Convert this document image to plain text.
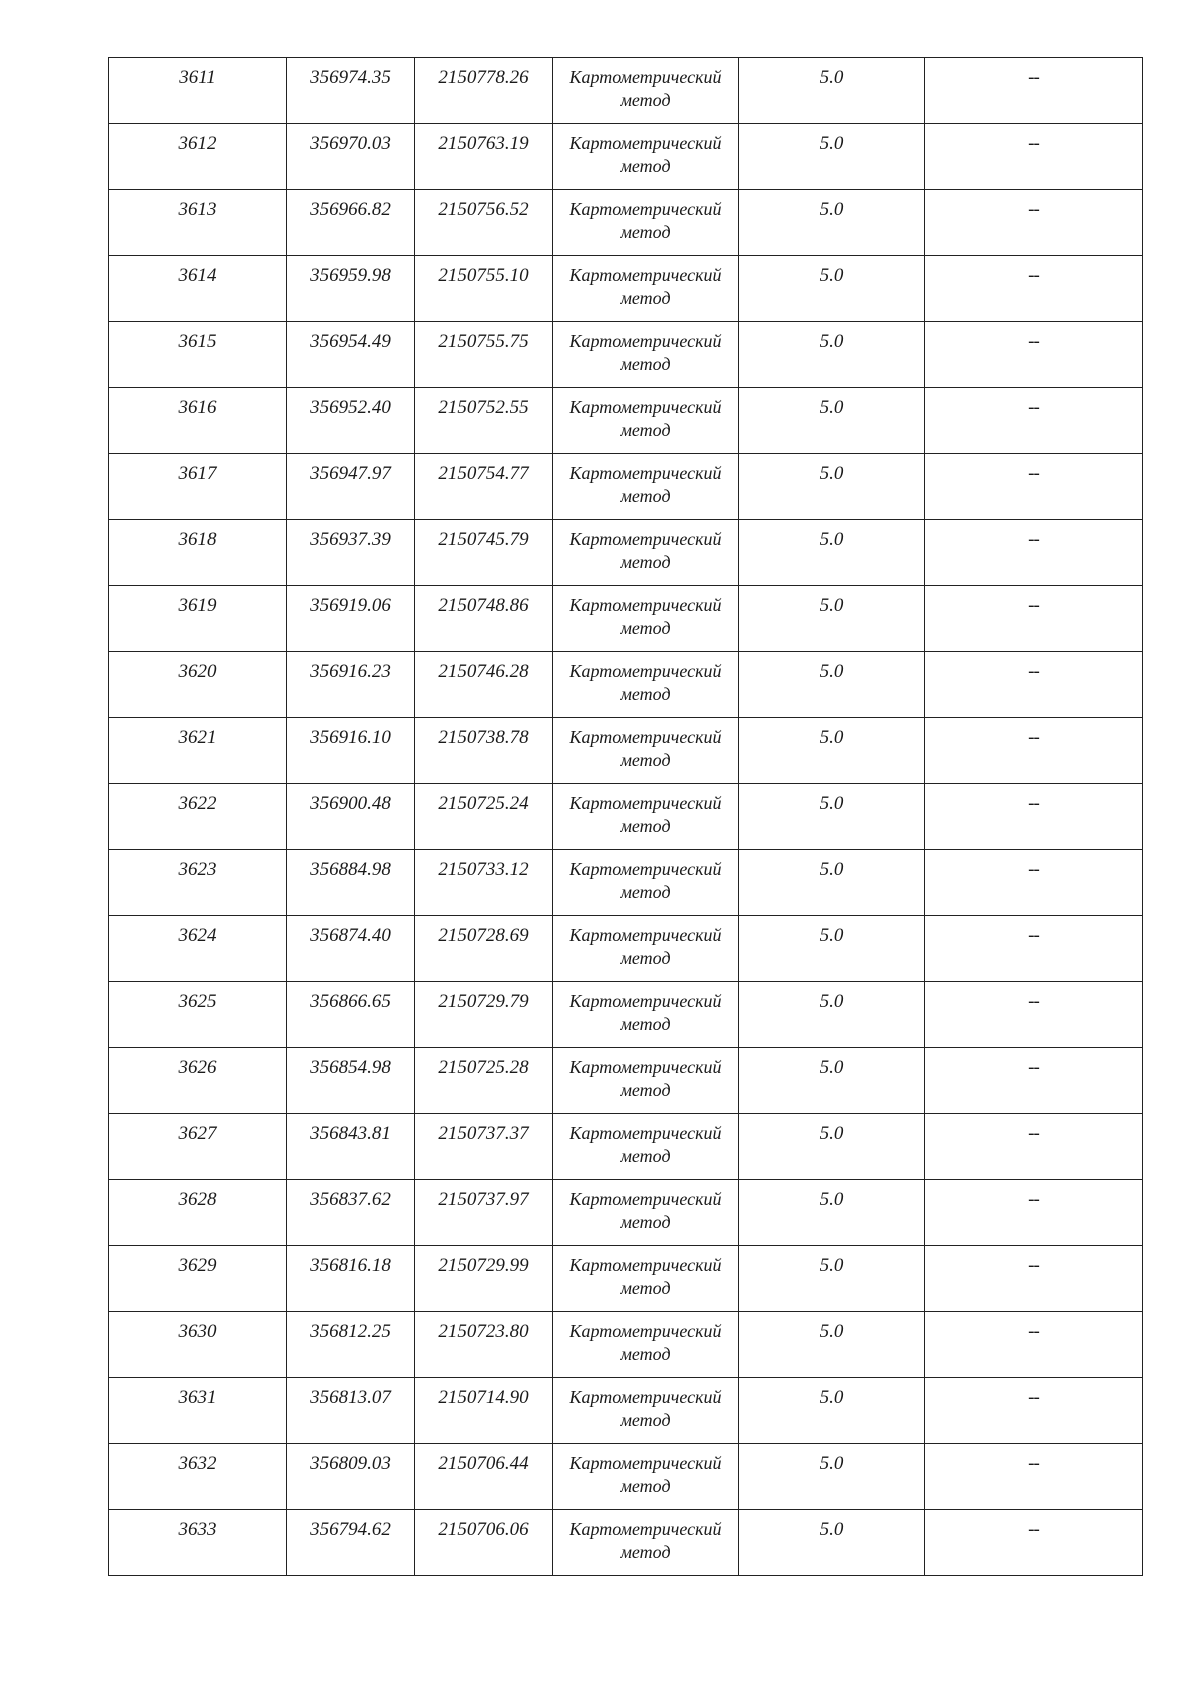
3611	356974.35	2150778.26	Картометрический метод	5.0	--
3612	356970.03	2150763.19	Картометрический метод	5.0	--
3613	356966.82	2150756.52	Картометрический метод	5.0	--
3614	356959.98	2150755.10	Картометрический метод	5.0	--
3615	356954.49	2150755.75	Картометрический метод	5.0	--
3616	356952.40	2150752.55	Картометрический метод	5.0	--
3617	356947.97	2150754.77	Картометрический метод	5.0	--
3618	356937.39	2150745.79	Картометрический метод	5.0	--
3619	356919.06	2150748.86	Картометрический метод	5.0	--
3620	356916.23	2150746.28	Картометрический метод	5.0	--
3621	356916.10	2150738.78	Картометрический метод	5.0	--
3622	356900.48	2150725.24	Картометрический метод	5.0	--
3623	356884.98	2150733.12	Картометрический метод	5.0	--
3624	356874.40	2150728.69	Картометрический метод	5.0	--
3625	356866.65	2150729.79	Картометрический метод	5.0	--
3626	356854.98	2150725.28	Картометрический метод	5.0	--
3627	356843.81	2150737.37	Картометрический метод	5.0	--
3628	356837.62	2150737.97	Картометрический метод	5.0	--
3629	356816.18	2150729.99	Картометрический метод	5.0	--
3630	356812.25	2150723.80	Картометрический метод	5.0	--
3631	356813.07	2150714.90	Картометрический метод	5.0	--
3632	356809.03	2150706.44	Картометрический метод	5.0	--
3633	356794.62	2150706.06	Картометрический метод	5.0	--
